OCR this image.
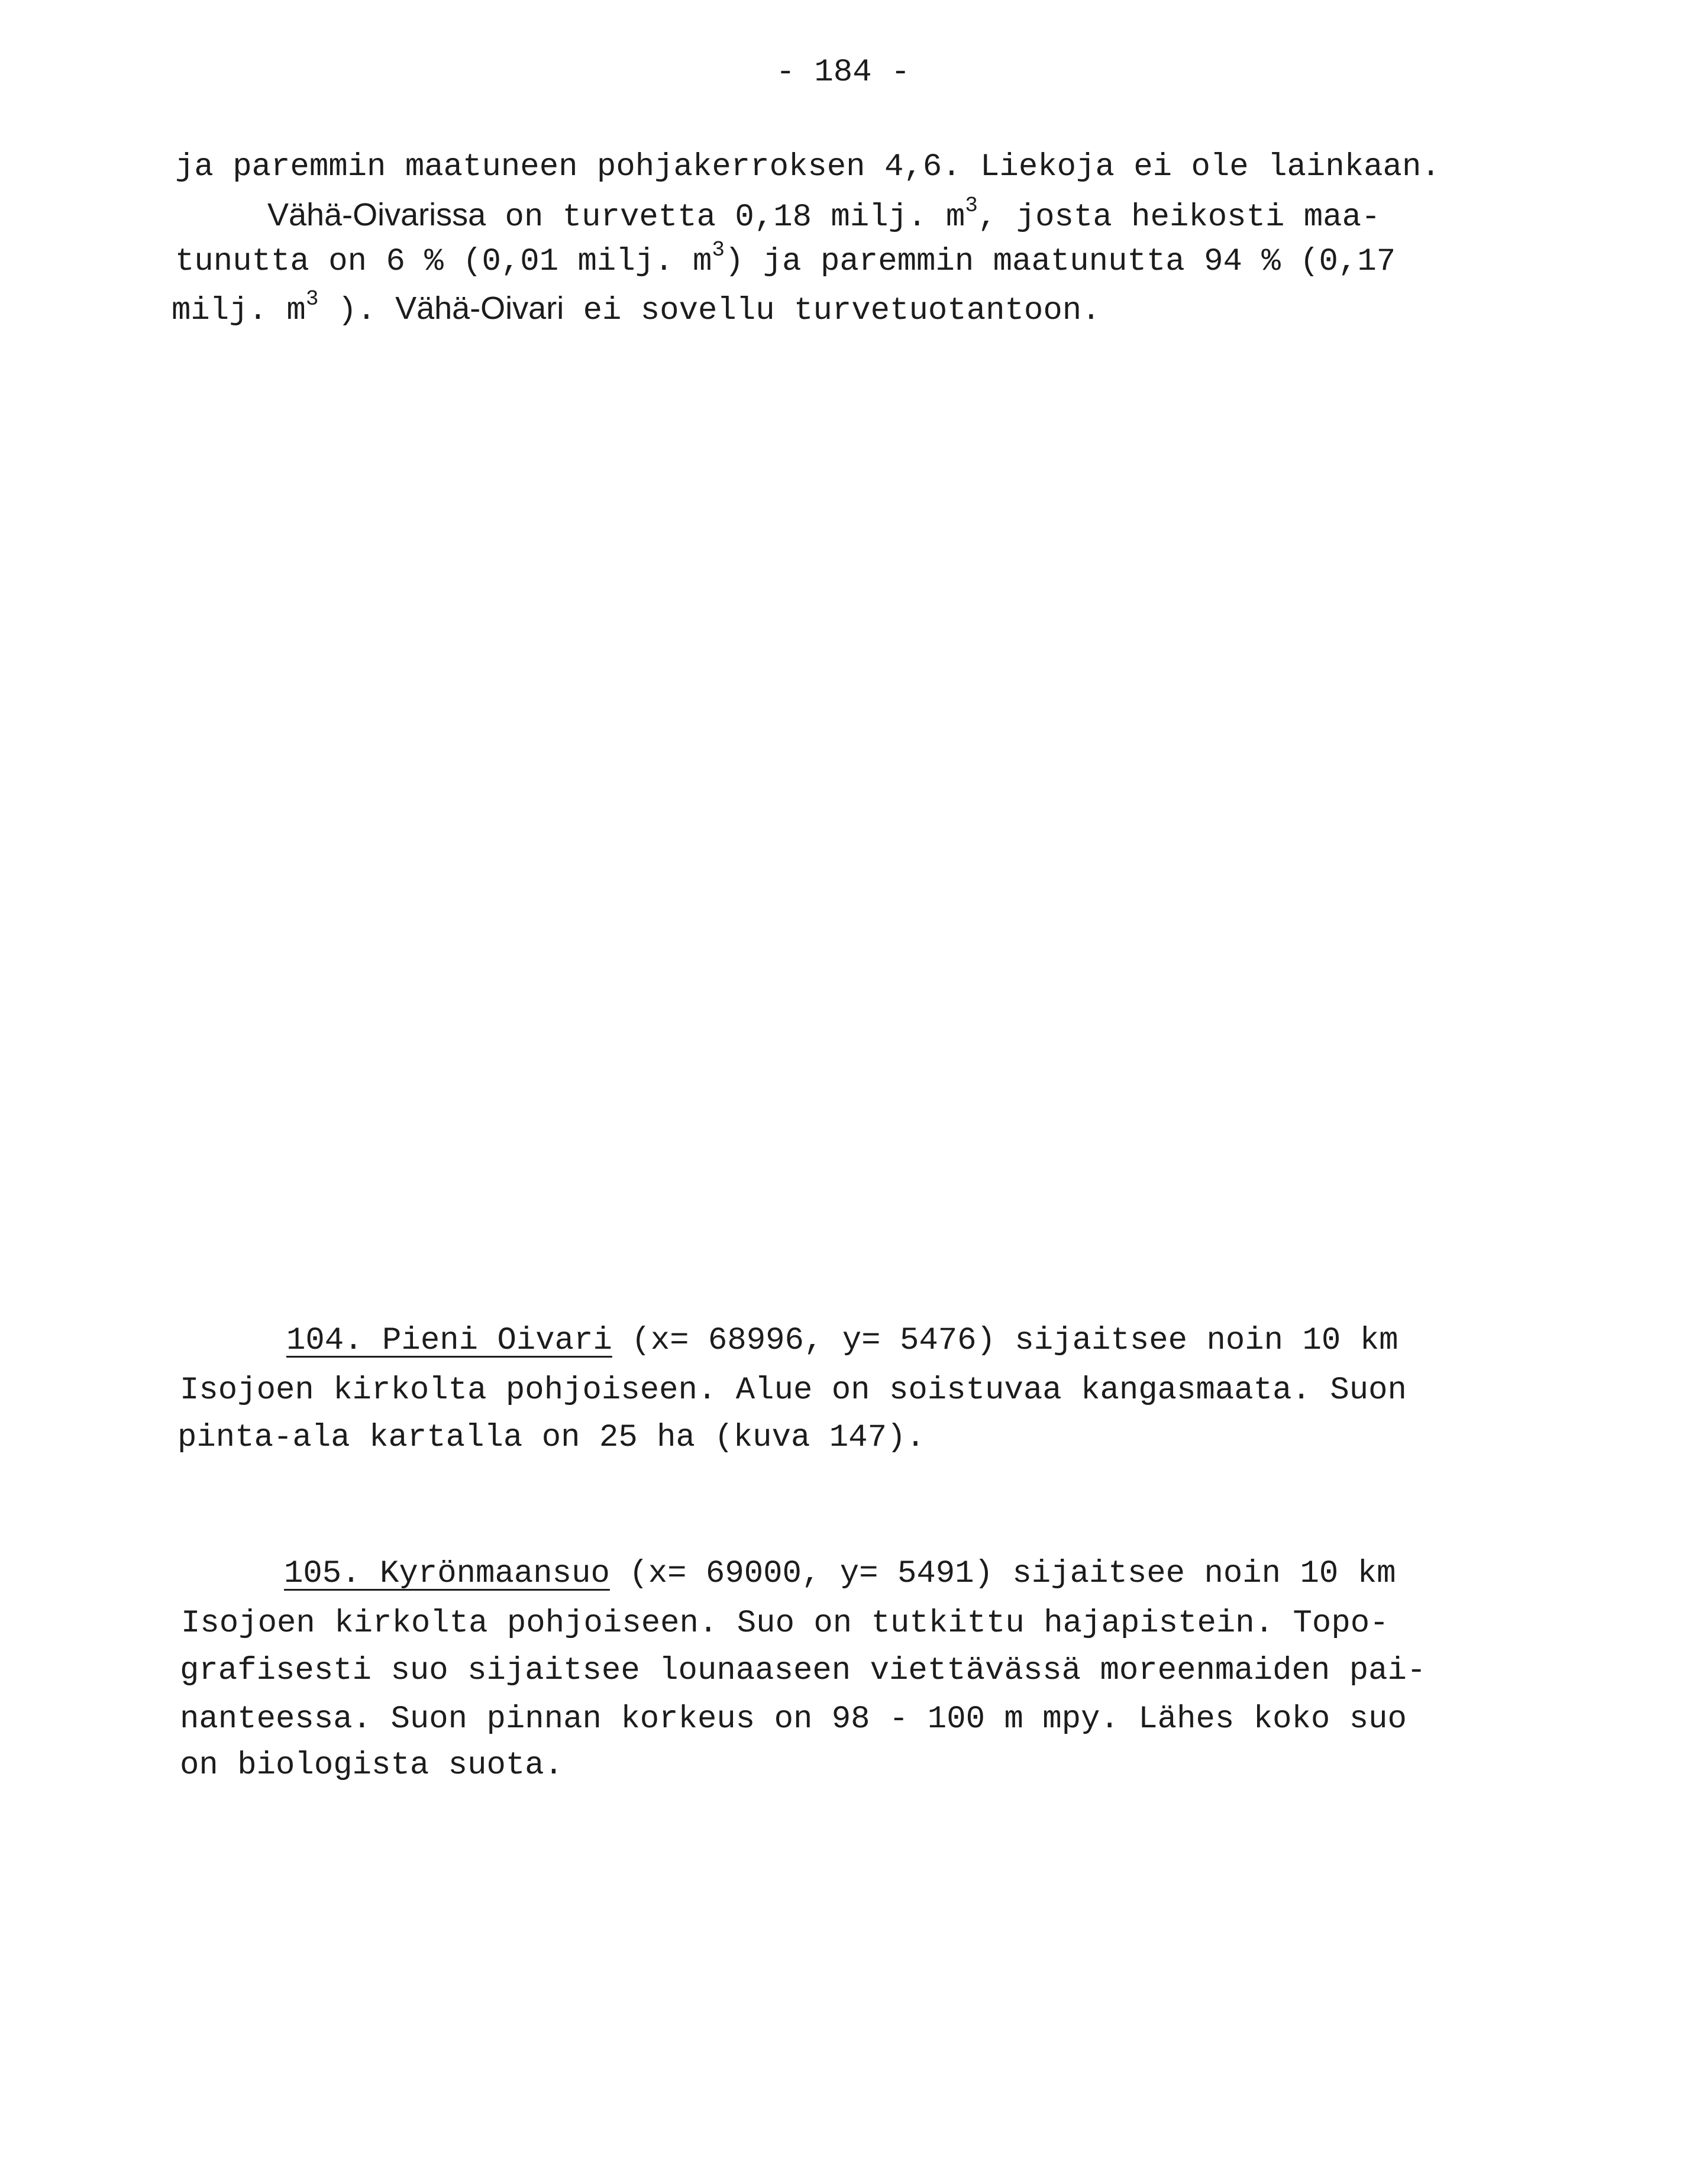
- 184 -
ja paremmin maatuneen pohjakerroksen 4,6. Liekoja ei ole lainkaan.
Vähä-Oivarissa on turvetta 0,18 milj. $m^3$, josta heikosti maa-
tunutta on 6 % (0,01 milj. $m^3$) ja paremmin maatunutta 94 % (0,17
milj. $m^3$ ). Vähä-Oivari ei sovellu turvetuotantoon.
104. Pieni Oivari (x= 68996, y= 5476) sijaitsee noin 10 km
Isojoen kirkolta pohjoiseen. Alue on soistuvaa kangasmaata. Suon
pinta-ala kartalla on 25 ha (kuva 147).
105. Kyrönmaansuo (x= 69000, y= 5491) sijaitsee noin 10 km
Isojoen kirkolta pohjoiseen. Suo on tutkittu hajapistein. Topo-
grafisesti suo sijaitsee lounaaseen viettävässä moreenmaiden pai-
nanteessa. Suon pinnan korkeus on 98 - 100 m mpy. Lähes koko suo
on biologista suota.
